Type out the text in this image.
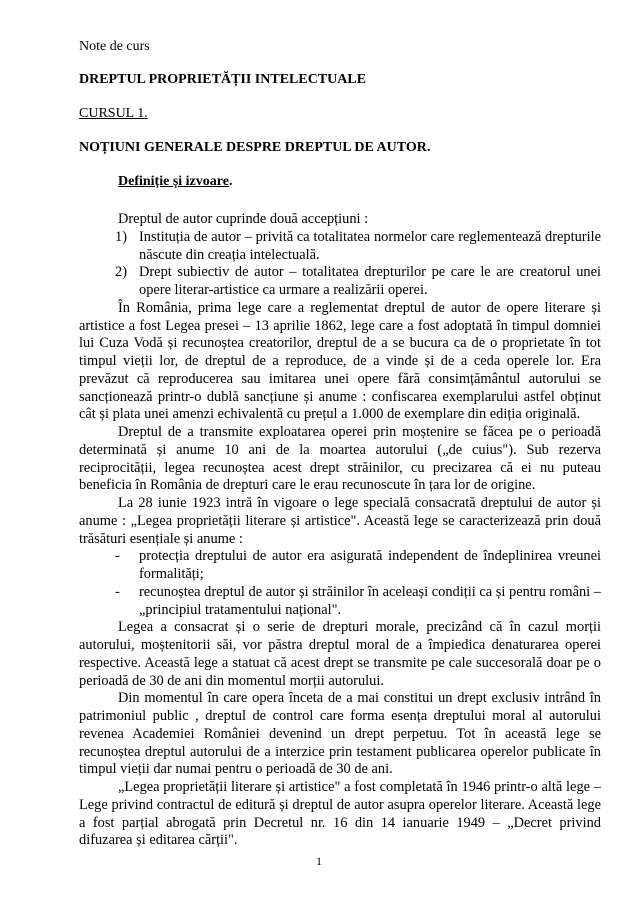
Note de curs
DREPTUL PROPRIETĂȚII INTELECTUALE
CURSUL 1.
NOȚIUNI GENERALE DESPRE DREPTUL DE AUTOR.
Definiție și izvoare.

Dreptul de autor cuprinde două accepțiuni :

1) Instituția de autor – privită ca totalitatea normelor care reglementează drepturile născute din creația intelectuală.
2) Drept subiectiv de autor – totalitatea drepturilor pe care le are creatorul unei opere literar-artistice ca urmare a realizării operei.

În România, prima lege care a reglementat dreptul de autor de opere literare și artistice a fost Legea presei – 13 aprilie 1862, lege care a fost adoptată în timpul domniei lui Cuza Vodă și recunoștea creatorilor, dreptul de a se bucura ca de o proprietate în tot timpul vieții lor, de dreptul de a reproduce, de a vinde și de a ceda operele lor. Era prevăzut că reproducerea sau imitarea unei opere fără consimțământul autorului se sancționează printr-o dublă sancțiune și anume : confiscarea exemplarului astfel obținut cât și plata unei amenzi echivalentă cu prețul a 1.000 de exemplare din ediția originală.

Dreptul de a transmite exploatarea operei prin moștenire se făcea pe o perioadă determinată și anume 10 ani de la moartea autorului („de cuius"). Sub rezerva reciprocității, legea recunoștea acest drept străinilor, cu precizarea că ei nu puteau beneficia în România de drepturi care le erau recunoscute în țara lor de origine.

La 28 iunie 1923 intră în vigoare o lege specială consacrată dreptului de autor și anume : „Legea proprietății literare și artistice". Această lege se caracterizează prin două trăsături esențiale și anume :

- protecția dreptului de autor era asigurată independent de îndeplinirea vreunei formalități;
- recunoștea dreptul de autor și străinilor în aceleași condiții ca și pentru români – „principiul tratamentului național".

Legea a consacrat și o serie de drepturi morale, precizând că în cazul morții autorului, moștenitorii săi, vor păstra dreptul moral de a împiedica denaturarea operei respective. Această lege a statuat că acest drept se transmite pe cale succesorală doar pe o perioadă de 30 de ani din momentul morții autorului.

Din momentul în care opera înceta de a mai constitui un drept exclusiv intrând în patrimoniul public , dreptul de control care forma esența dreptului moral al autorului revenea Academiei României devenind un drept perpetuu. Tot în această lege se recunoștea dreptul autorului de a interzice prin testament publicarea operelor publicate în timpul vieții dar numai pentru o perioadă de 30 de ani.

„Legea proprietății literare și artistice" a fost completată în 1946 printr-o altă lege – Lege privind contractul de editură și dreptul de autor asupra operelor literare. Această lege a fost parțial abrogată prin Decretul nr. 16 din 14 ianuarie 1949 – „Decret privind difuzarea și editarea cărții".

1
